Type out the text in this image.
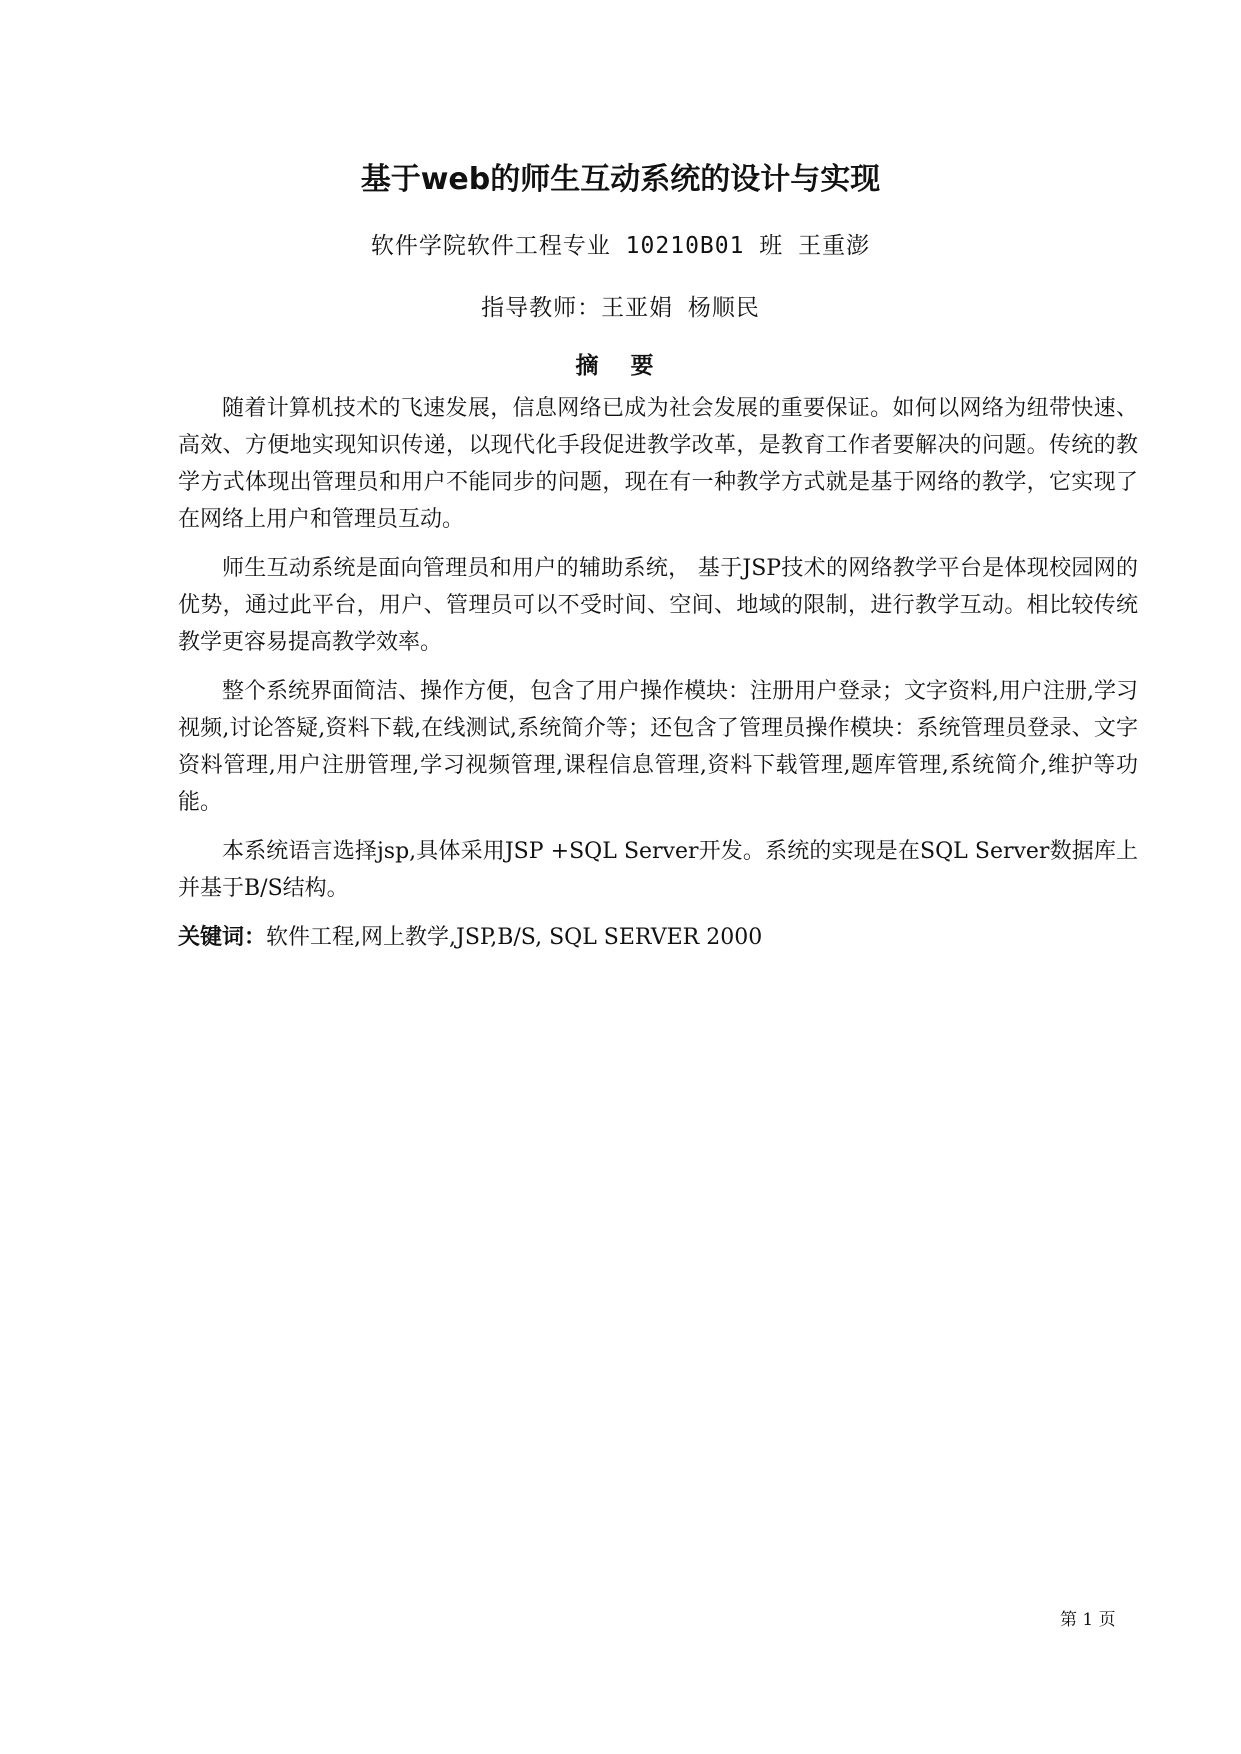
基于web的师生互动系统的设计与实现

软件学院软件工程专业 10210B01 班 王重澎

指导教师：王亚娟 杨顺民

摘 要

随着计算机技术的飞速发展，信息网络已成为社会发展的重要保证。如何以网络为纽带快速、高效、方便地实现知识传递，以现代化手段促进教学改革，是教育工作者要解决的问题。传统的教学方式体现出管理员和用户不能同步的问题，现在有一种教学方式就是基于网络的教学，它实现了在网络上用户和管理员互动。

师生互动系统是面向管理员和用户的辅助系统， 基于JSP技术的网络教学平台是体现校园网的优势，通过此平台，用户、管理员可以不受时间、空间、地域的限制，进行教学互动。相比较传统教学更容易提高教学效率。

整个系统界面简洁、操作方便，包含了用户操作模块：注册用户登录；文字资料,用户注册,学习视频,讨论答疑,资料下载,在线测试,系统简介等；还包含了管理员操作模块：系统管理员登录、文字资料管理,用户注册管理,学习视频管理,课程信息管理,资料下载管理,题库管理,系统简介,维护等功能。

本系统语言选择jsp,具体采用JSP +SQL Server开发。系统的实现是在SQL Server数据库上并基于B/S结构。

关键词：软件工程,网上教学,JSP,B/S, SQL SERVER 2000

第 1 页
